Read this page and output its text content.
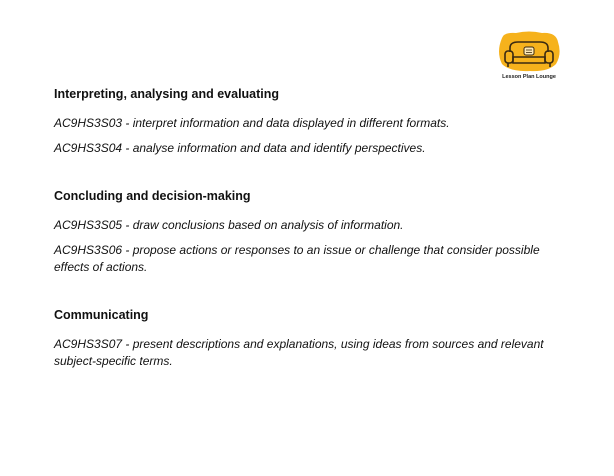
Lesson Plan Lounge
Interpreting, analysing and evaluating
AC9HS3S03 - interpret information and data displayed in different formats.
AC9HS3S04 - analyse information and data and identify perspectives.
Concluding and decision-making
AC9HS3S05 - draw conclusions based on analysis of information.
AC9HS3S06 - propose actions or responses to an issue or challenge that consider possible effects of actions.
Communicating
AC9HS3S07 - present descriptions and explanations, using ideas from sources and relevant subject-specific terms.
